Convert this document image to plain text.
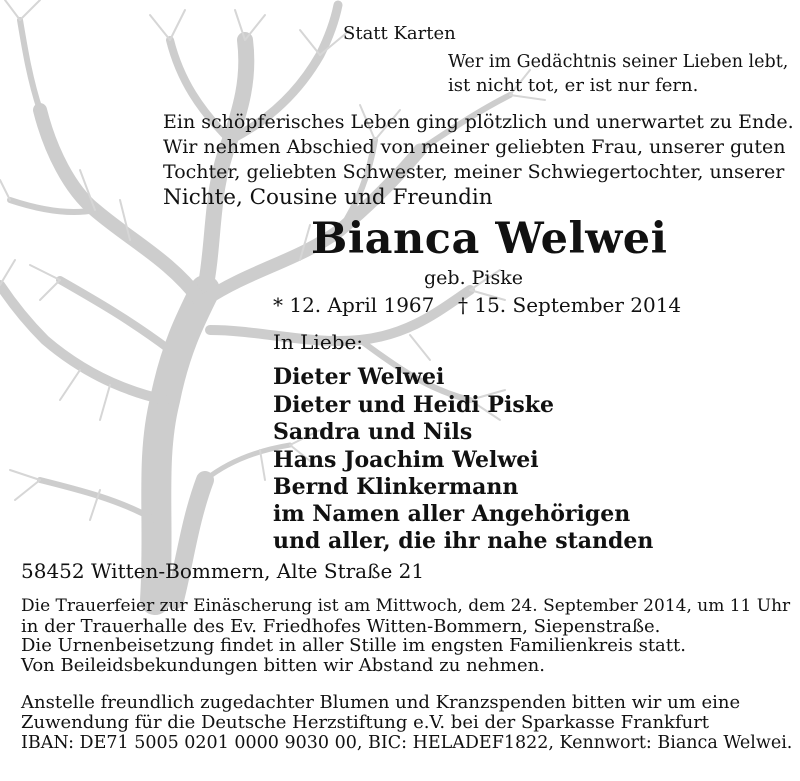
Statt Karten
Wer im Gedächtnis seiner Lieben lebt,
ist nicht tot, er ist nur fern.
Ein schöpferisches Leben ging plötzlich und unerwartet zu Ende.
Wir nehmen Abschied von meiner geliebten Frau, unserer guten
Tochter, geliebten Schwester, meiner Schwiegertochter, unserer
Nichte, Cousine und Freundin
Bianca Welwei
geb. Piske
* 12. April 1967 † 15. September 2014
In Liebe:
Dieter Welwei
Dieter und Heidi Piske
Sandra und Nils
Hans Joachim Welwei
Bernd Klinkermann
im Namen aller Angehörigen
und aller, die ihr nahe standen
58452 Witten-Bommern, Alte Straße 21
Die Trauerfeier zur Einäscherung ist am Mittwoch, dem 24. September 2014, um 11 Uhr
in der Trauerhalle des Ev. Friedhofes Witten-Bommern, Siepenstraße.
Die Urnenbeisetzung findet in aller Stille im engsten Familienkreis statt.
Von Beileidsbekundungen bitten wir Abstand zu nehmen.
Anstelle freundlich zugedachter Blumen und Kranzspenden bitten wir um eine
Zuwendung für die Deutsche Herzstiftung e.V. bei der Sparkasse Frankfurt
IBAN: DE71 5005 0201 0000 9030 00, BIC: HELADEF1822, Kennwort: Bianca Welwei.
